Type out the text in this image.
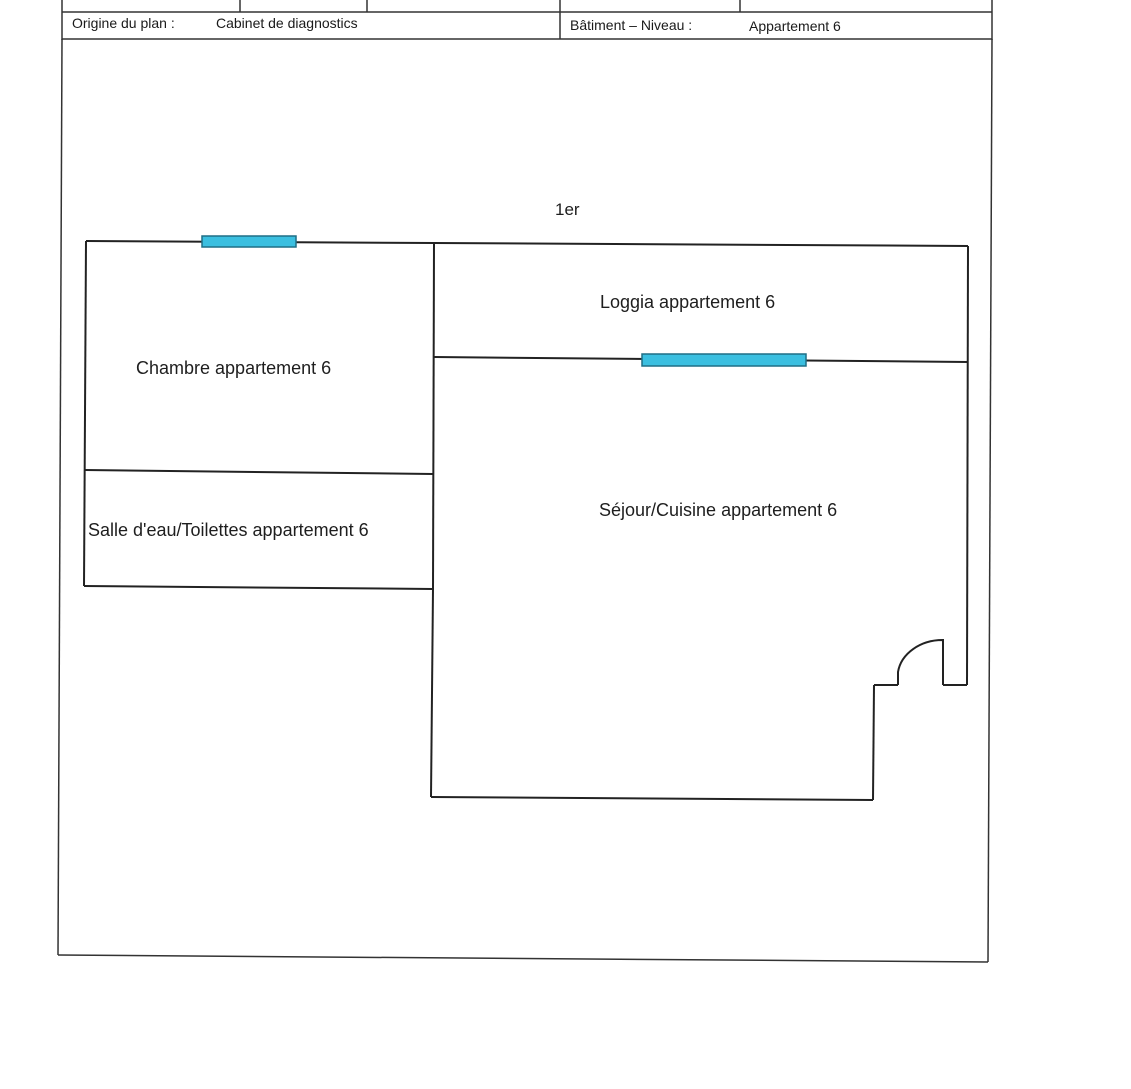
Origine du plan :	Cabinet de diagnostics	Bâtiment – Niveau :	Appartement 6
1er
Chambre appartement 6
Loggia appartement 6
Salle d'eau/Toilettes appartement 6
Séjour/Cuisine appartement 6
